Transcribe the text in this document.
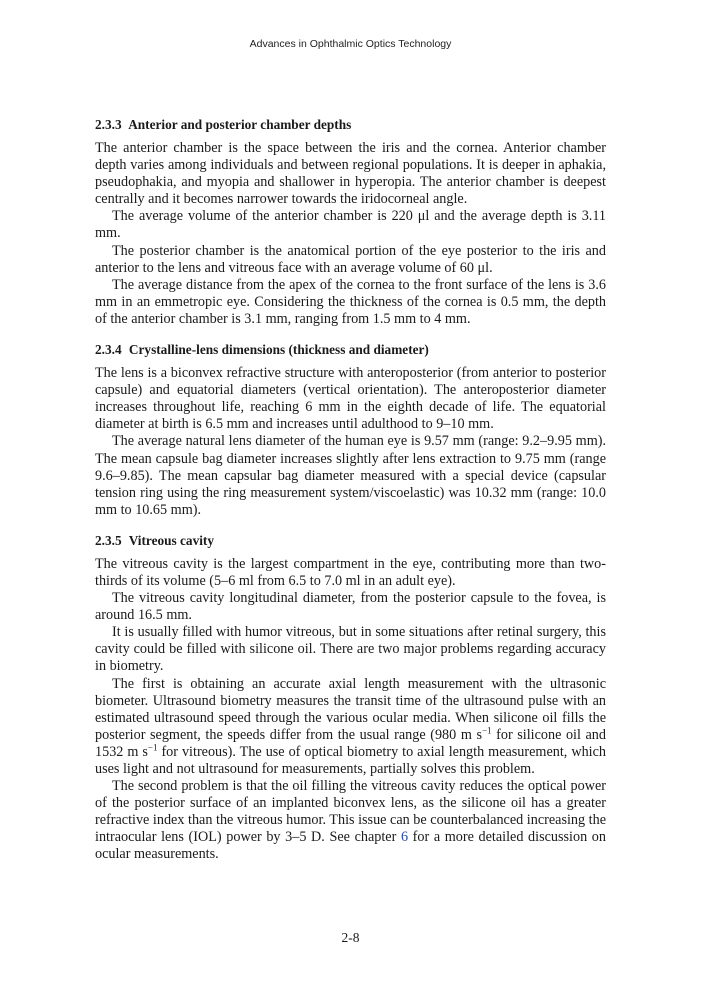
Advances in Ophthalmic Optics Technology
2.3.3 Anterior and posterior chamber depths

The anterior chamber is the space between the iris and the cornea. Anterior chamber depth varies among individuals and between regional populations. It is deeper in aphakia, pseudophakia, and myopia and shallower in hyperopia. The anterior chamber is deepest centrally and it becomes narrower towards the iridocorneal angle.

The average volume of the anterior chamber is 220 μl and the average depth is 3.11 mm.

The posterior chamber is the anatomical portion of the eye posterior to the iris and anterior to the lens and vitreous face with an average volume of 60 μl.

The average distance from the apex of the cornea to the front surface of the lens is 3.6 mm in an emmetropic eye. Considering the thickness of the cornea is 0.5 mm, the depth of the anterior chamber is 3.1 mm, ranging from 1.5 mm to 4 mm.

2.3.4 Crystalline-lens dimensions (thickness and diameter)

The lens is a biconvex refractive structure with anteroposterior (from anterior to posterior capsule) and equatorial diameters (vertical orientation). The anteroposterior diameter increases throughout life, reaching 6 mm in the eighth decade of life. The equatorial diameter at birth is 6.5 mm and increases until adulthood to 9–10 mm.

The average natural lens diameter of the human eye is 9.57 mm (range: 9.2–9.95 mm). The mean capsule bag diameter increases slightly after lens extraction to 9.75 mm (range 9.6–9.85). The mean capsular bag diameter measured with a special device (capsular tension ring using the ring measurement system/viscoelastic) was 10.32 mm (range: 10.0 mm to 10.65 mm).

2.3.5 Vitreous cavity

The vitreous cavity is the largest compartment in the eye, contributing more than two-thirds of its volume (5–6 ml from 6.5 to 7.0 ml in an adult eye).

The vitreous cavity longitudinal diameter, from the posterior capsule to the fovea, is around 16.5 mm.

It is usually filled with humor vitreous, but in some situations after retinal surgery, this cavity could be filled with silicone oil. There are two major problems regarding accuracy in biometry.

The first is obtaining an accurate axial length measurement with the ultrasonic biometer. Ultrasound biometry measures the transit time of the ultrasound pulse with an estimated ultrasound speed through the various ocular media. When silicone oil fills the posterior segment, the speeds differ from the usual range (980 m $s^{-1}$ for silicone oil and 1532 m $s^{-1}$ for vitreous). The use of optical biometry to axial length measurement, which uses light and not ultrasound for measurements, partially solves this problem.

The second problem is that the oil filling the vitreous cavity reduces the optical power of the posterior surface of an implanted biconvex lens, as the silicone oil has a greater refractive index than the vitreous humor. This issue can be counterbalanced increasing the intraocular lens (IOL) power by 3–5 D. See chapter 6 for a more detailed discussion on ocular measurements.

2-8
